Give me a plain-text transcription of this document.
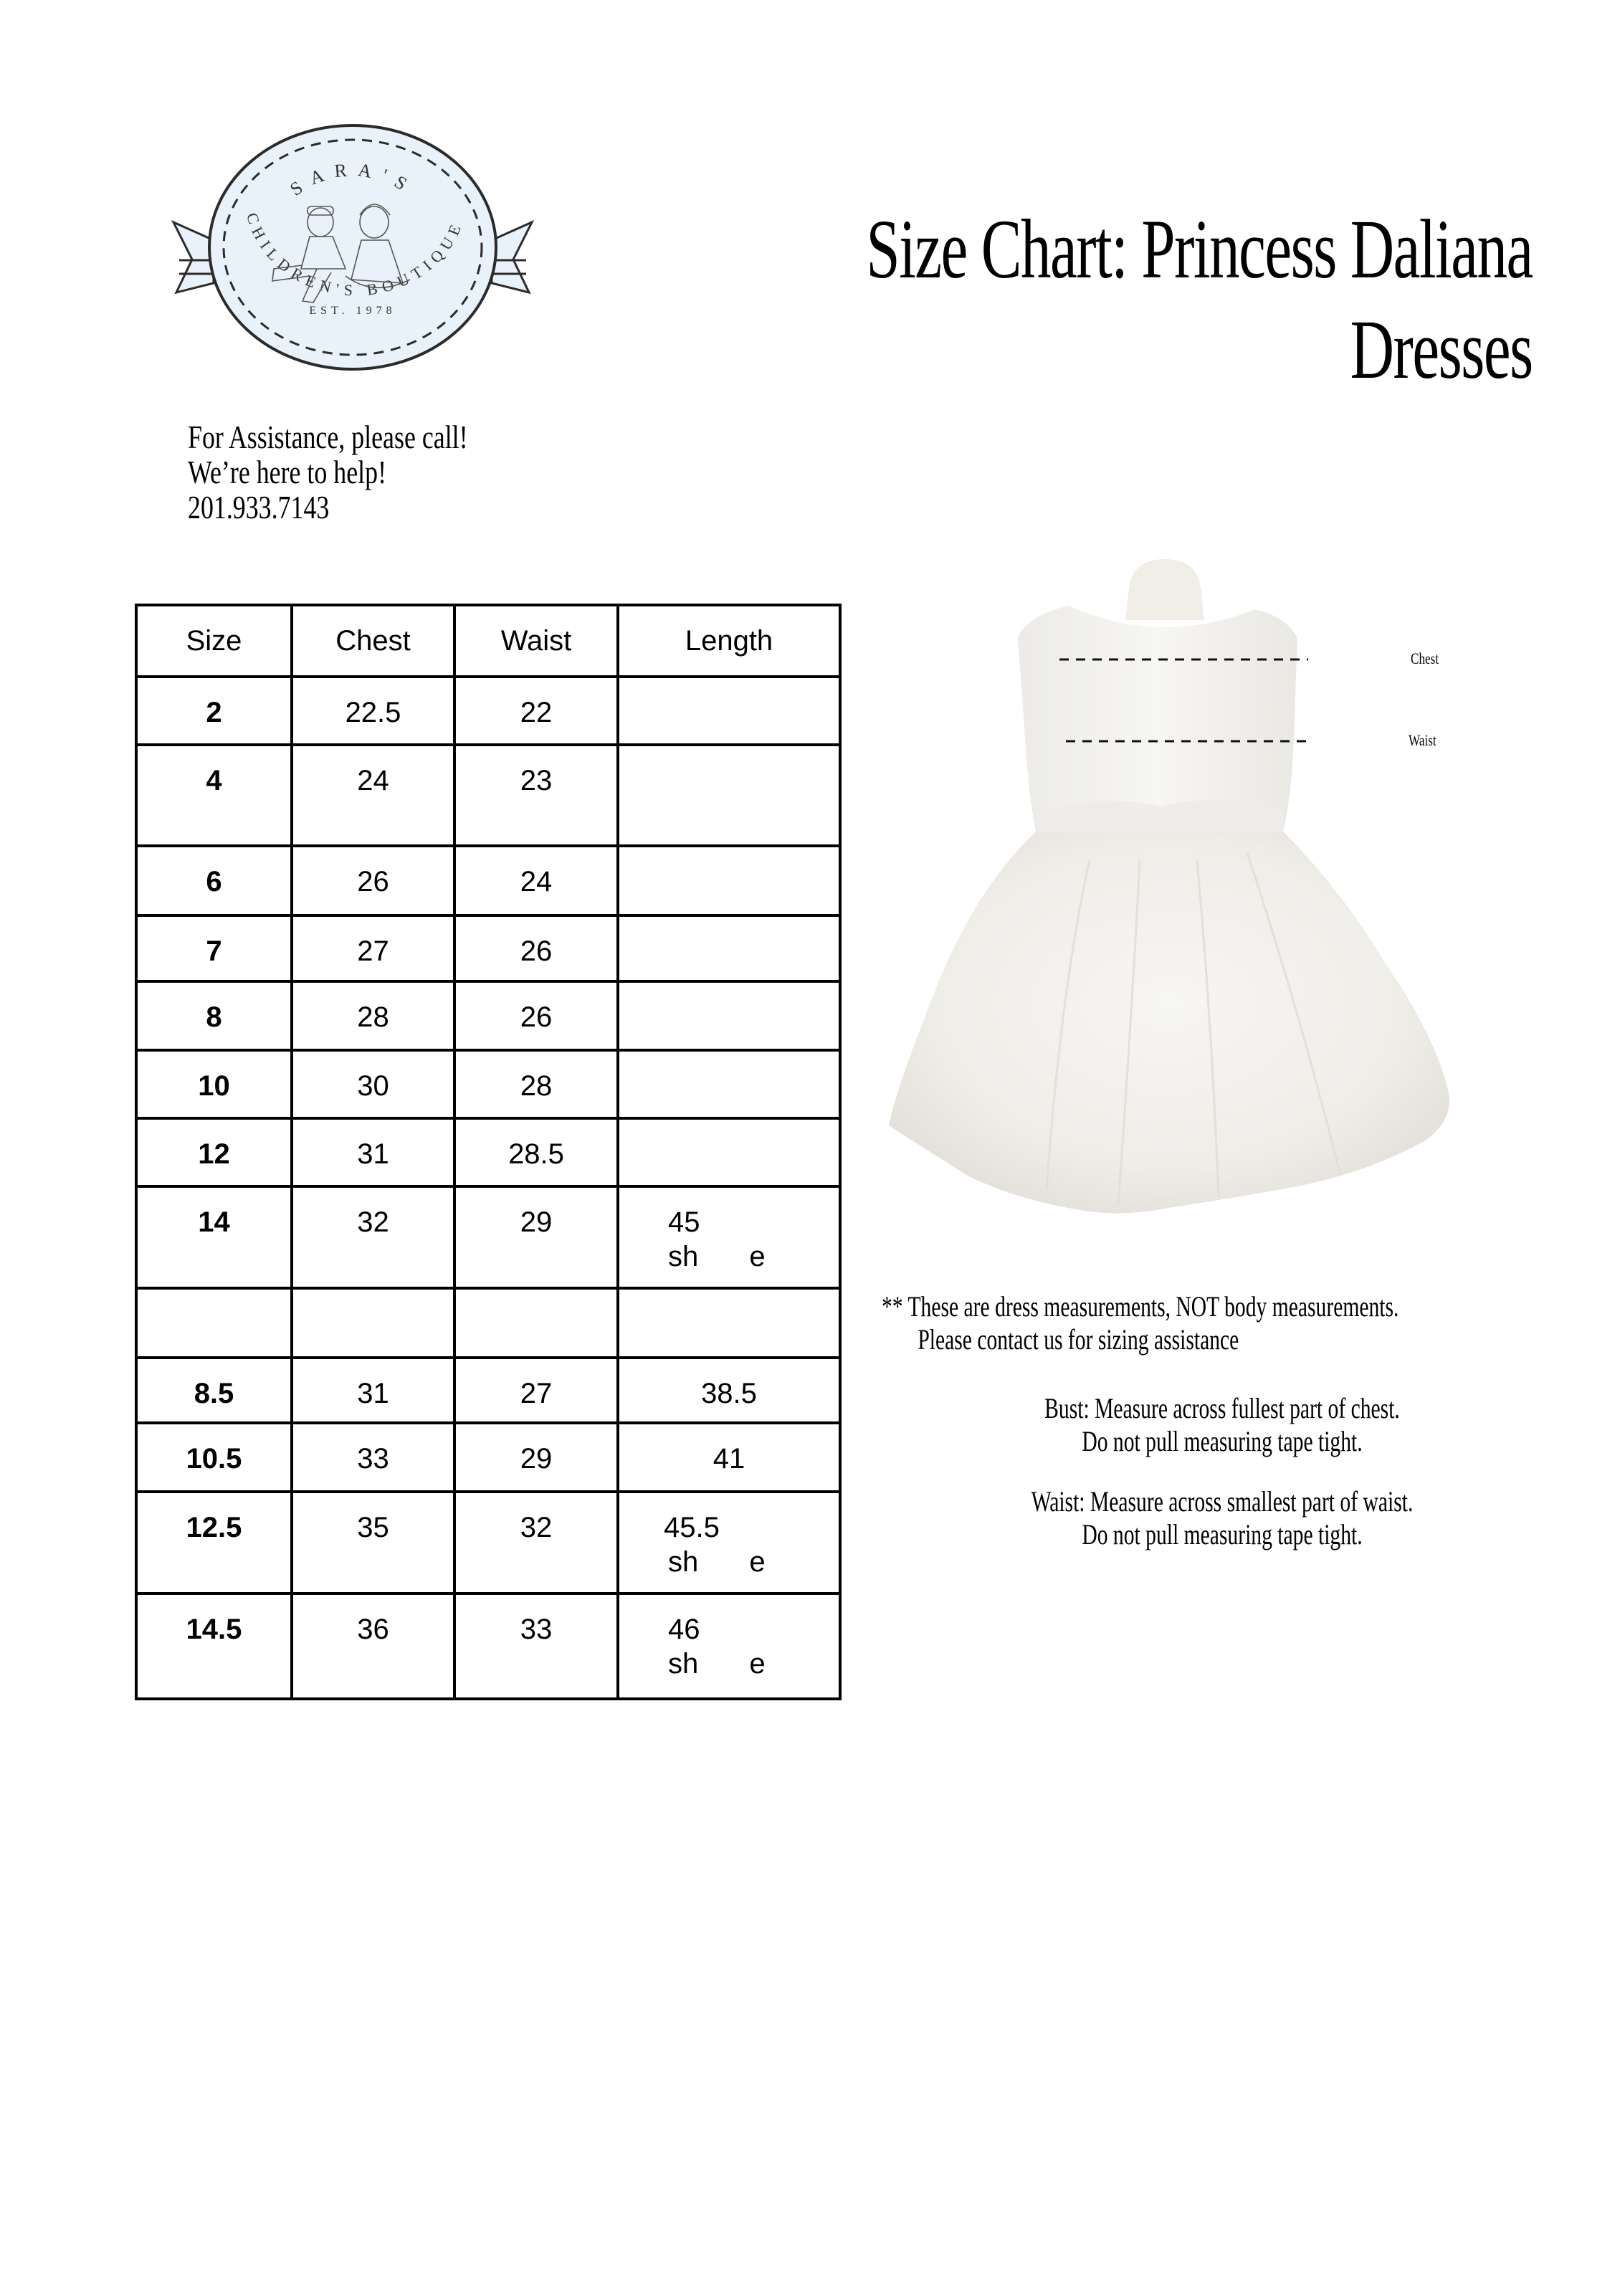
SARA'S
CHILDREN'S BOUTIQUE
EST. 1978
Size Chart: Princess Daliana
Dresses
For Assistance, please call!
We’re here to help!
201.933.7143
Size	Chest	Waist	Length

2	22.5	22	

4	24	23	

6	26	24	

7	27	26	

8	28	26	

10	30	28	

12	31	28.5	

14	32	29	45
sh e

8.5	31	27	38.5

10.5	33	29	41

12.5	35	32	45.5
sh e

14.5	36	33	46
sh e
Chest
Waist
** These are dress measurements, NOT body measurements.
Please contact us for sizing assistance
Bust: Measure across fullest part of chest.
Do not pull measuring tape tight.
Waist: Measure across smallest part of waist.
Do not pull measuring tape tight.
